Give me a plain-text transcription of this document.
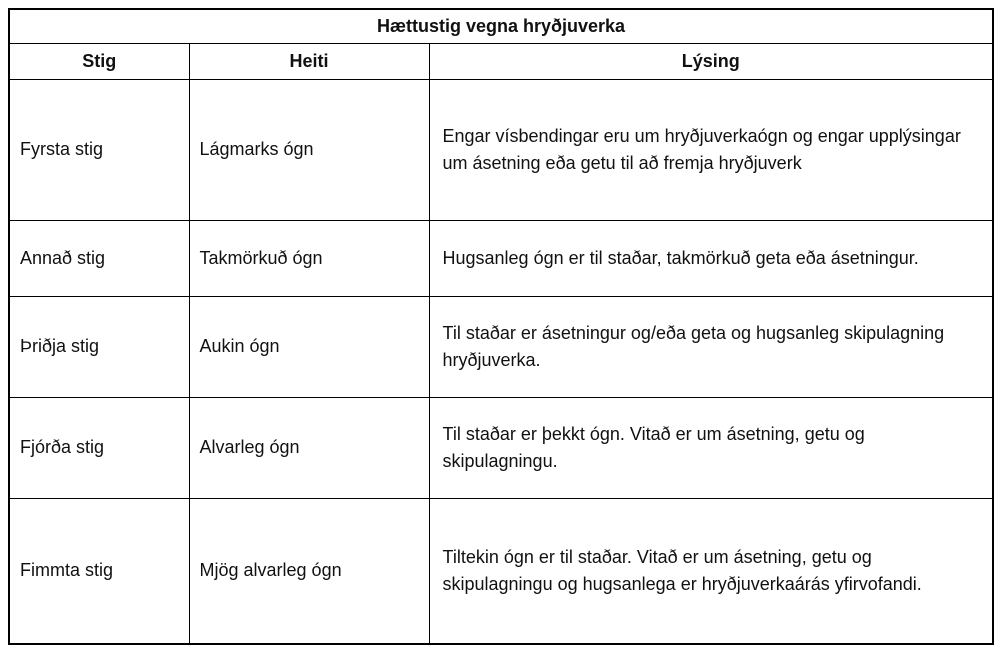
Hættustig vegna hryðjuverka		
Stig	Heiti	Lýsing
Fyrsta stig	Lágmarks ógn	Engar vísbendingar eru um hryðjuverkaógn og engar upplýsingar um ásetning eða getu til að fremja hryðjuverk
Annað stig	Takmörkuð ógn	Hugsanleg ógn er til staðar, takmörkuð geta eða ásetningur.
Þriðja stig	Aukin ógn	Til staðar er ásetningur og/eða geta og hugsanleg skipulagning hryðjuverka.
Fjórða stig	Alvarleg ógn	Til staðar er þekkt ógn. Vitað er um ásetning, getu og skipulagningu.
Fimmta stig	Mjög alvarleg ógn	Tiltekin ógn er til staðar. Vitað er um ásetning, getu og skipulagningu og hugsanlega er hryðjuverkaárás yfirvofandi.
